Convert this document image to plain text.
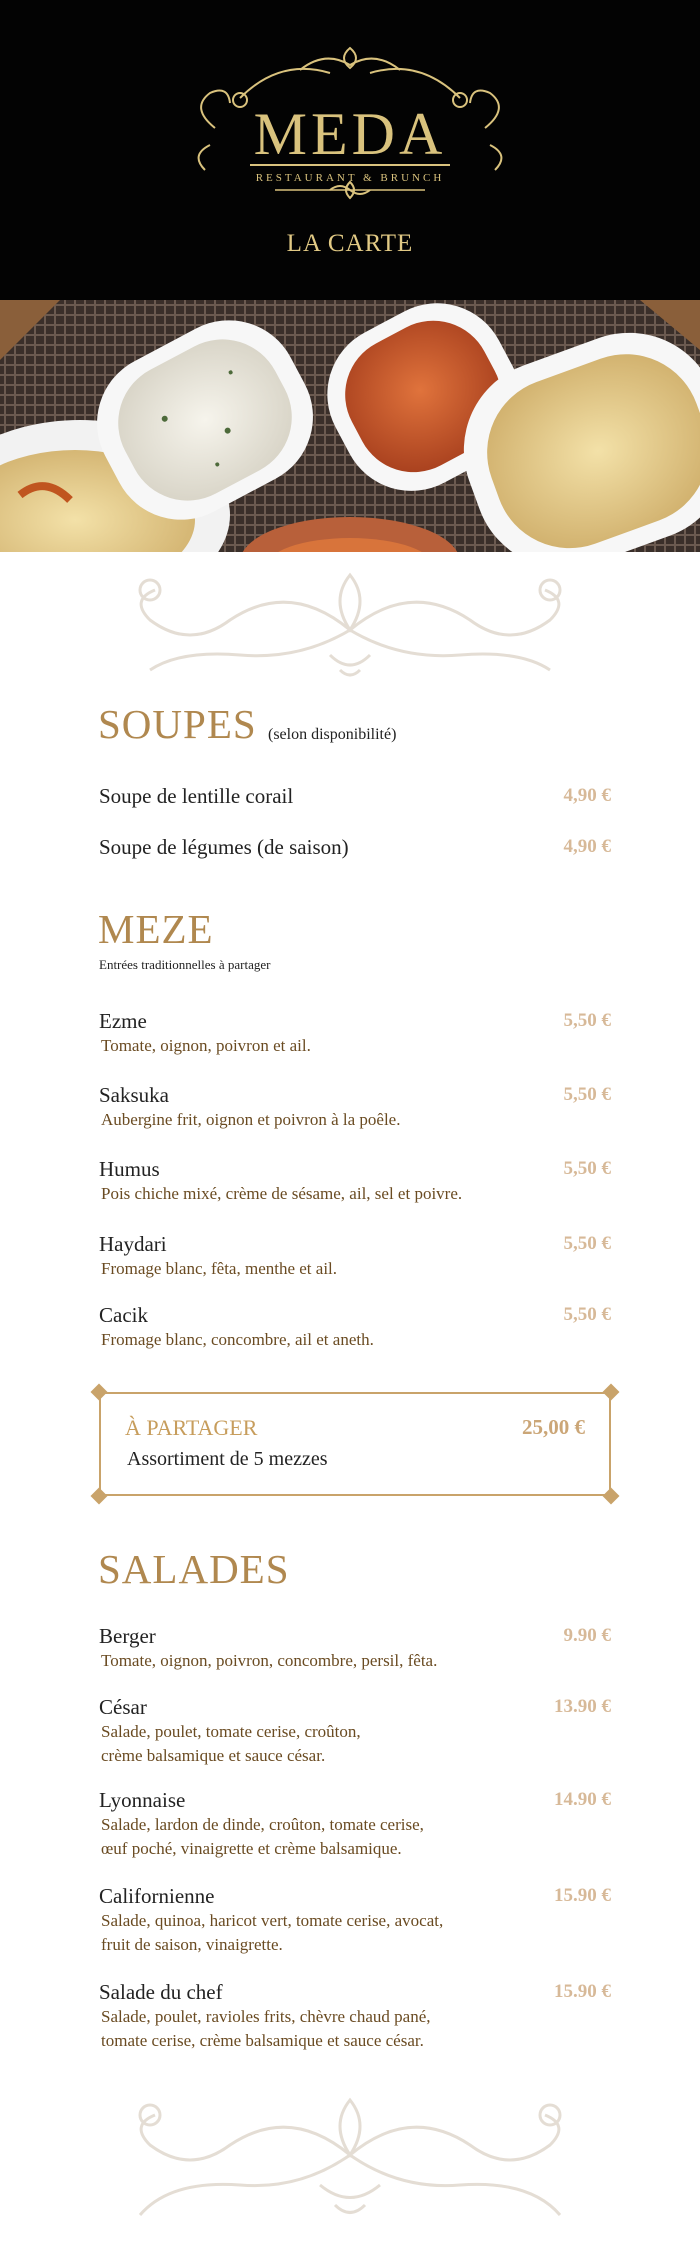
MEDA
RESTAURANT & BRUNCH
LA CARTE
SOUPES (selon disponibilité)
Soupe de lentille corail	4,90 €
Soupe de légumes (de saison)	4,90 €
MEZE
Entrées traditionnelles à partager
Ezme
Tomate, oignon, poivron et ail.
5,50 €
Saksuka
Aubergine frit, oignon et poivron à la poêle.
5,50 €
Humus
Pois chiche mixé, crème de sésame, ail, sel et poivre.
5,50 €
Haydari
Fromage blanc, fêta, menthe et ail.
5,50 €
Cacik
Fromage blanc, concombre, ail et aneth.
5,50 €
À PARTAGER	25,00 €
Assortiment de 5 mezzes
SALADES
Berger
Tomate, oignon, poivron, concombre, persil, fêta.
9.90 €
César
Salade, poulet, tomate cerise, croûton,
crème balsamique et sauce césar.
13.90 €
Lyonnaise
Salade, lardon de dinde, croûton, tomate cerise,
œuf poché, vinaigrette et crème balsamique.
14.90 €
Californienne
Salade, quinoa, haricot vert, tomate cerise, avocat,
fruit de saison, vinaigrette.
15.90 €
Salade du chef
Salade, poulet, ravioles frits, chèvre chaud pané,
tomate cerise, crème balsamique et sauce césar.
15.90 €
